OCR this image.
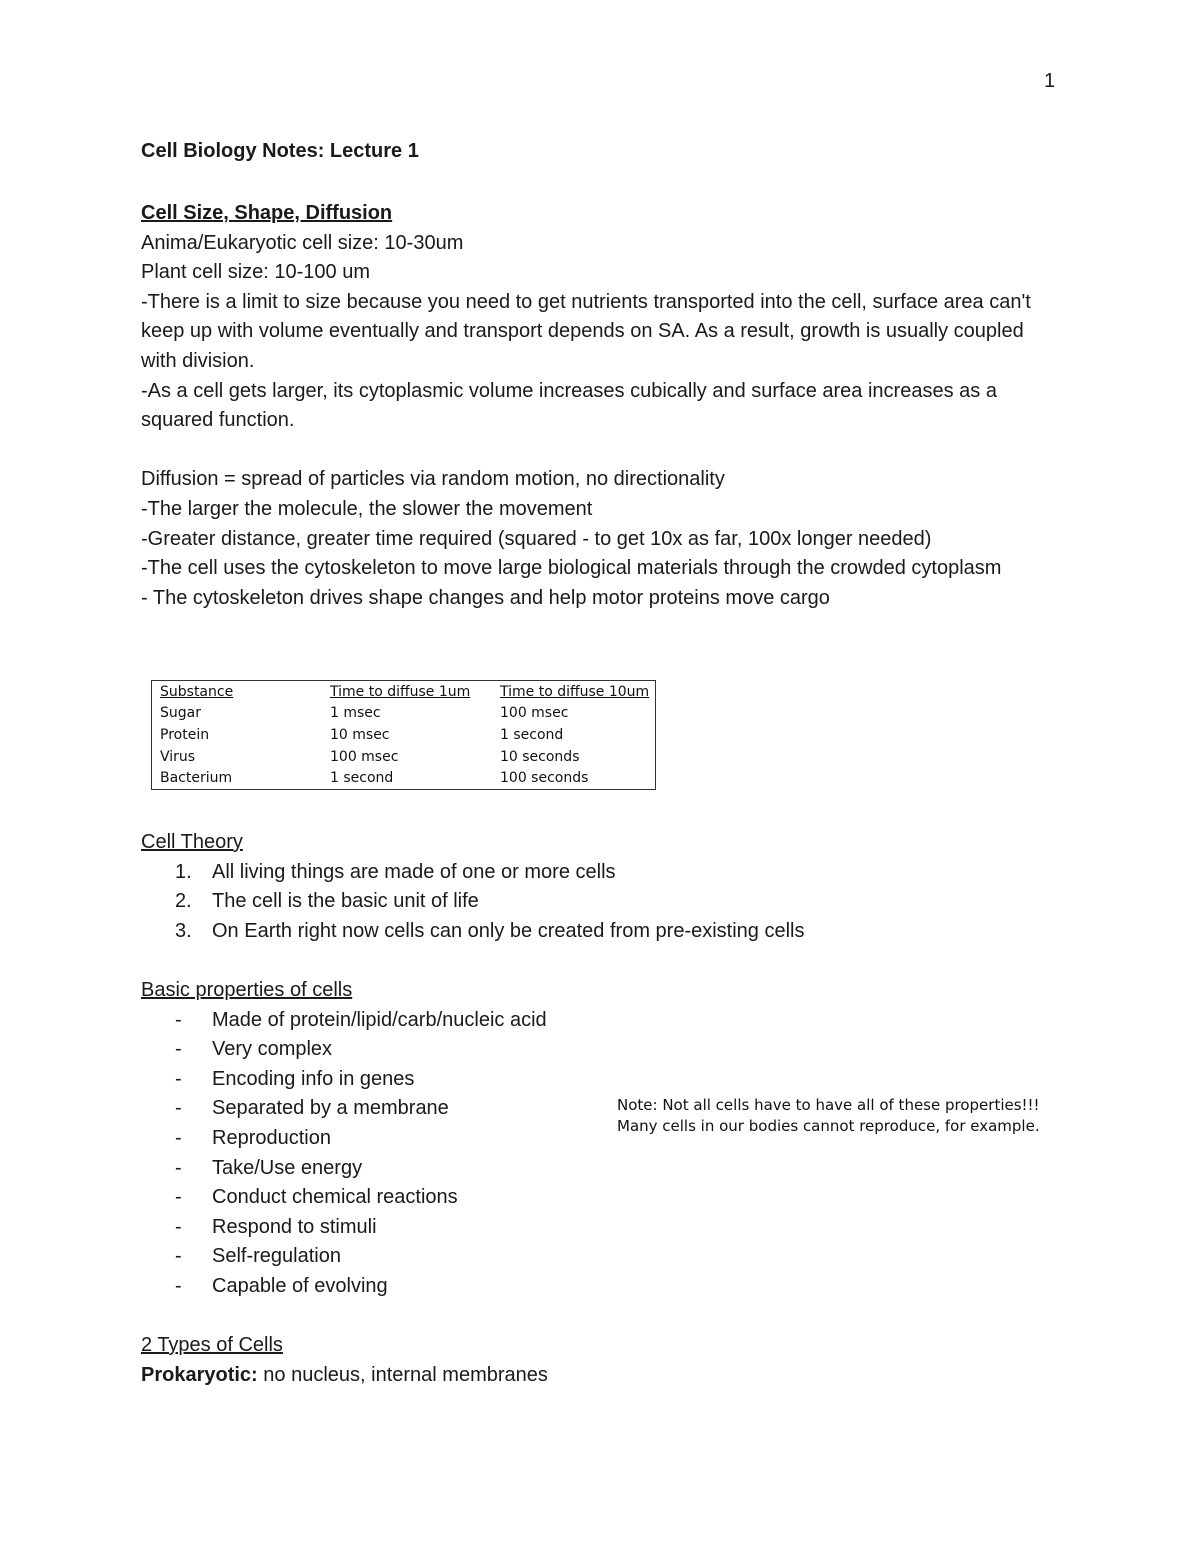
1
Cell Biology Notes: Lecture 1

Cell Size, Shape, Diffusion

Anima/Eukaryotic cell size: 10-30um

Plant cell size: 10-100 um

-There is a limit to size because you need to get nutrients transported into the cell, surface area can't keep up with volume eventually and transport depends on SA. As a result, growth is usually coupled with division.

-As a cell gets larger, its cytoplasmic volume increases cubically and surface area increases as a squared function.

Diffusion = spread of particles via random motion, no directionality

-The larger the molecule, the slower the movement

-Greater distance, greater time required (squared - to get 10x as far, 100x longer needed)

-The cell uses the cytoskeleton to move large biological materials through the crowded cytoplasm

- The cytoskeleton drives shape changes and help motor proteins move cargo

Substance	Time to diffuse 1um	Time to diffuse 10um
Sugar	1 msec	100 msec
Protein	10 msec	1 second
Virus	100 msec	10 seconds
Bacterium	1 second	100 seconds

Cell Theory

1. All living things are made of one or more cells
2. The cell is the basic unit of life
3. On Earth right now cells can only be created from pre-existing cells

Basic properties of cells

- Made of protein/lipid/carb/nucleic acid
- Very complex
- Encoding info in genes
- Separated by a membrane
- Reproduction
- Take/Use energy
- Conduct chemical reactions
- Respond to stimuli
- Self-regulation
- Capable of evolving

2 Types of Cells

Prokaryotic: no nucleus, internal membranes

Note: Not all cells have to have all of these properties!!!
Many cells in our bodies cannot reproduce, for example.
